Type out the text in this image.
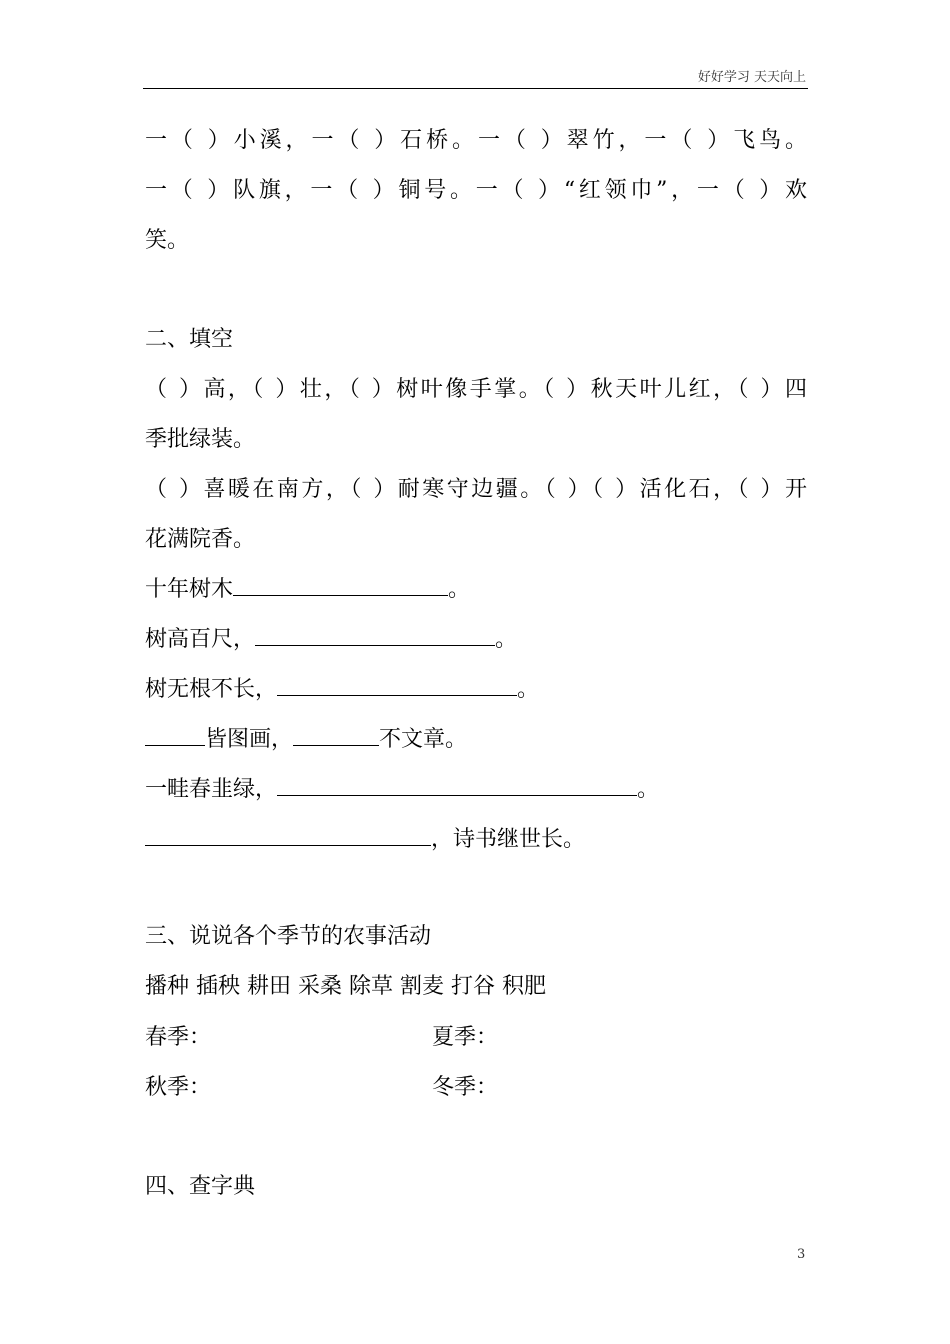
好好学习 天天向上
一（ ）小溪，一（ ）石桥。一（ ）翠竹，一（ ）飞鸟。
一（ ）队旗，一（ ）铜号。一（ ）“红领巾”，一（ ）欢
笑。
二、填空
（ ）高，（ ）壮，（ ）树叶像手掌。（ ）秋天叶儿红，（ ）四
季批绿装。
（ ）喜暖在南方，（ ）耐寒守边疆。（ ）（ ）活化石，（ ）开
花满院香。
十年树木	。
树高百尺，	。
树无根不长，	。
皆图画，	不文章。
一畦春韭绿，	。
，诗书继世长。
三、说说各个季节的农事活动
播种 插秧 耕田 采桑 除草 割麦 打谷 积肥
春季：	夏季：
秋季：	冬季：
四、查字典
3
